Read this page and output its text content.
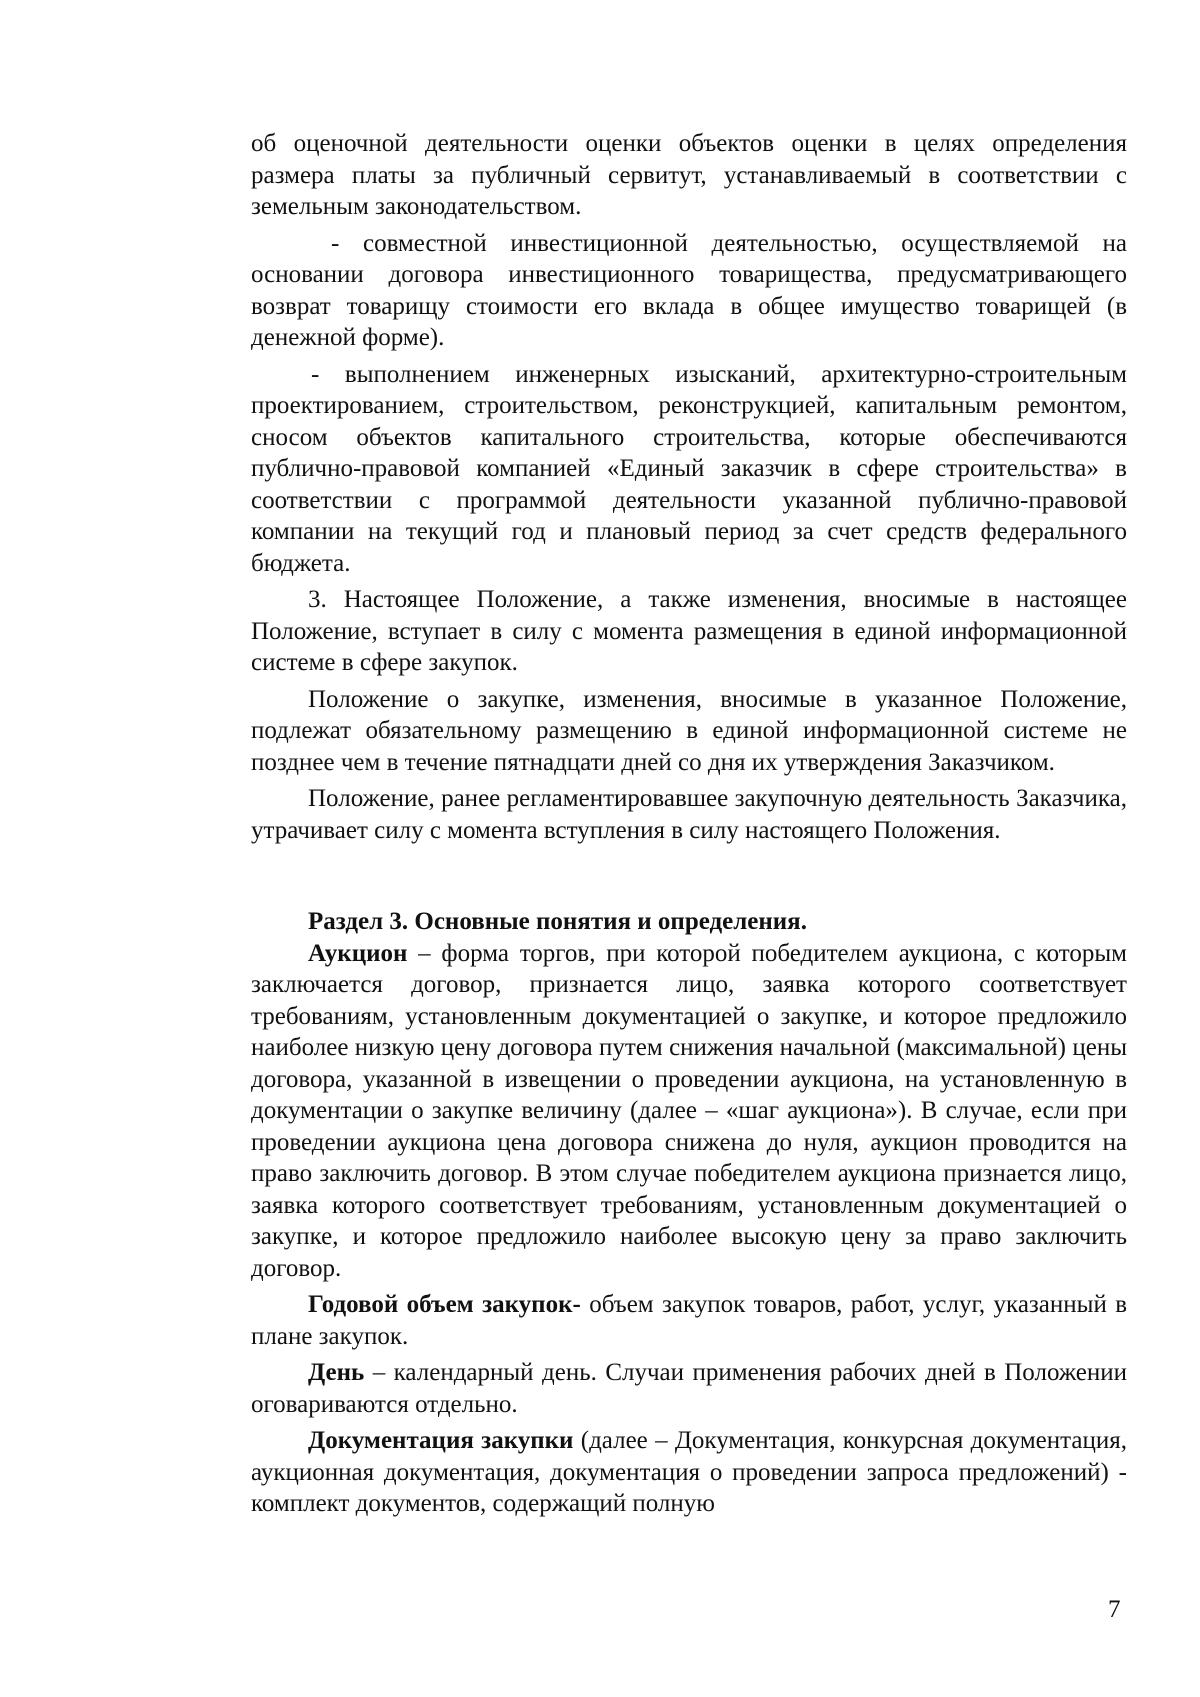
об оценочной деятельности оценки объектов оценки в целях определения размера платы за публичный сервитут, устанавливаемый в соответствии с земельным законодательством.

- совместной инвестиционной деятельностью, осуществляемой на основании договора инвестиционного товарищества, предусматривающего возврат товарищу стоимости его вклада в общее имущество товарищей (в денежной форме).

- выполнением инженерных изысканий, архитектурно-строительным проектированием, строительством, реконструкцией, капитальным ремонтом, сносом объектов капитального строительства, которые обеспечиваются публично-правовой компанией «Единый заказчик в сфере строительства» в соответствии с программой деятельности указанной публично-правовой компании на текущий год и плановый период за счет средств федерального бюджета.

3. Настоящее Положение, а также изменения, вносимые в настоящее Положение, вступает в силу с момента размещения в единой информационной системе в сфере закупок.

Положение о закупке, изменения, вносимые в указанное Положение, подлежат обязательному размещению в единой информационной системе не позднее чем в течение пятнадцати дней со дня их утверждения Заказчиком.

Положение, ранее регламентировавшее закупочную деятельность Заказчика, утрачивает силу с момента вступления в силу настоящего Положения.

Раздел 3. Основные понятия и определения.

Аукцион – форма торгов, при которой победителем аукциона, с которым заключается договор, признается лицо, заявка которого соответствует требованиям, установленным документацией о закупке, и которое предложило наиболее низкую цену договора путем снижения начальной (максимальной) цены договора, указанной в извещении о проведении аукциона, на установленную в документации о закупке величину (далее – «шаг аукциона»). В случае, если при проведении аукциона цена договора снижена до нуля, аукцион проводится на право заключить договор. В этом случае победителем аукциона признается лицо, заявка которого соответствует требованиям, установленным документацией о закупке, и которое предложило наиболее высокую цену за право заключить договор.

Годовой объем закупок- объем закупок товаров, работ, услуг, указанный в плане закупок.

День – календарный день. Случаи применения рабочих дней в Положении оговариваются отдельно.

Документация закупки (далее – Документация, конкурсная документация, аукционная документация, документация о проведении запроса предложений) - комплект документов, содержащий полную

7
